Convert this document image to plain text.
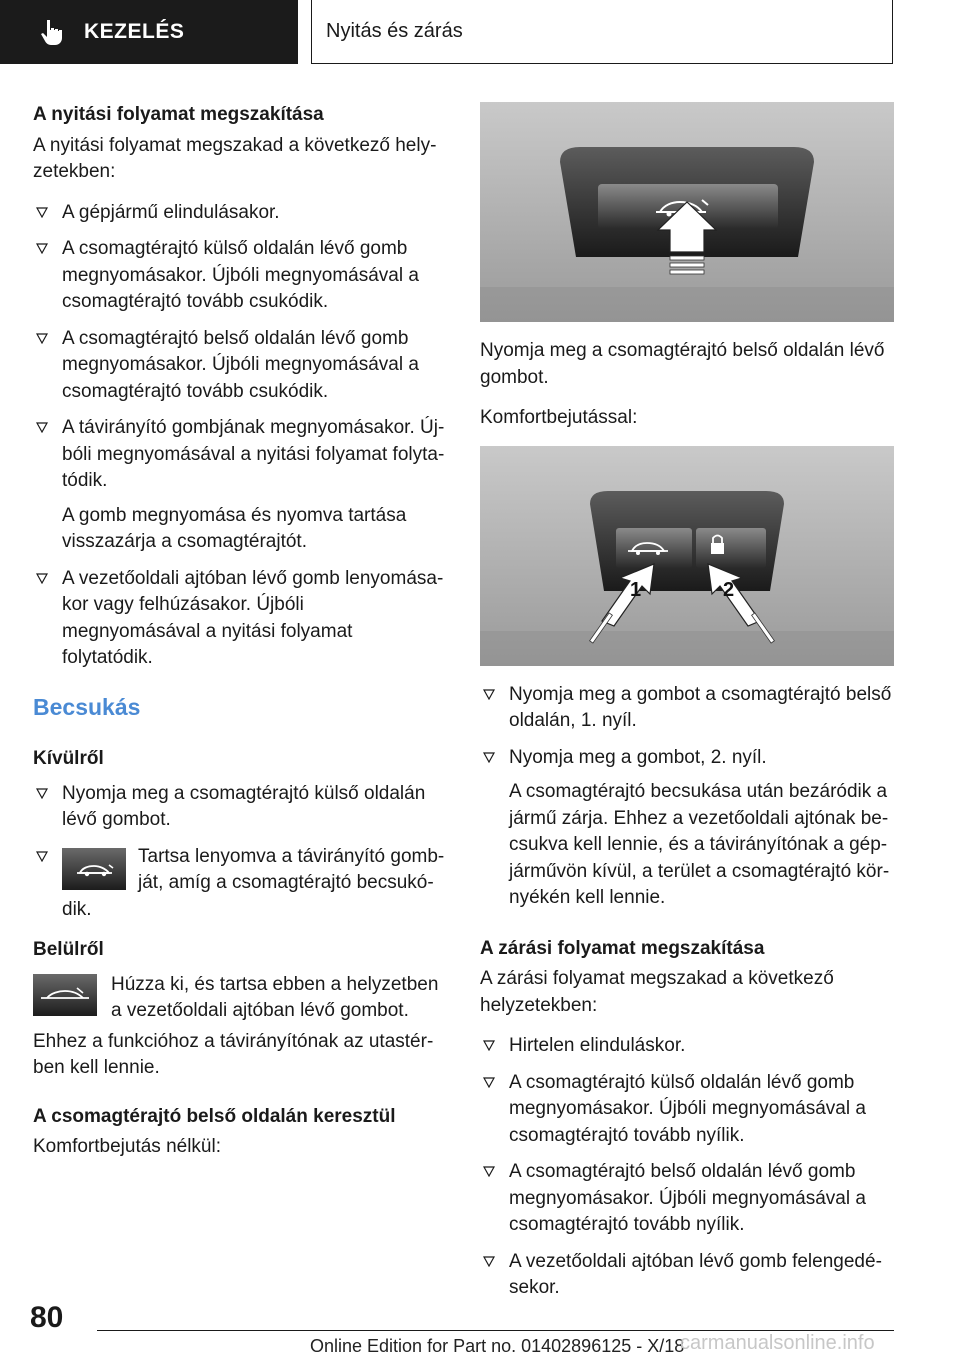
KEZELÉS	Nyitás és zárás
A nyitási folyamat megszakítása

A nyitási folyamat megszakad a következő helyzetekben:

A gépjármű elindulásakor.
A csomagtérajtó külső oldalán lévő gomb megnyomásakor. Újbóli megnyomásával a csomagtérajtó tovább csukódik.
A csomagtérajtó belső oldalán lévő gomb megnyomásakor. Újbóli megnyomásával a csomagtérajtó tovább csukódik.
A távirányító gombjának megnyomásakor. Újbóli megnyomásával a nyitási folyamat folytatódik.
A gomb megnyomása és nyomva tartása visszazárja a csomagtérajtót.
A vezetőoldali ajtóban lévő gomb lenyomásakor vagy felhúzásakor. Újbóli megnyomásával a nyitási folyamat folytatódik.
Becsukás
Kívülről
Nyomja meg a csomagtérajtó külső oldalán lévő gombot.
Tartsa lenyomva a távirányító gombját, amíg a csomagtérajtó becsukódik.
Belülről
Húzza ki, és tartsa ebben a helyzetben a vezetőoldali ajtóban lévő gombot.

Ehhez a funkcióhoz a távirányítónak az utastérben kell lennie.

A csomagtérajtó belső oldalán keresztül

Komfortbejutás nélkül:

Nyomja meg a csomagtérajtó belső oldalán lévő gombot.

Komfortbejutással:

1	2
Nyomja meg a gombot a csomagtérajtó belső oldalán, 1. nyíl.
Nyomja meg a gombot, 2. nyíl.
A csomagtérajtó becsukása után bezáródik a jármű zárja. Ehhez a vezetőoldali ajtónak becsukva kell lennie, és a távirányítónak a gépjárművön kívül, a terület a csomagtérajtó környékén kell lennie.
A zárási folyamat megszakítása

A zárási folyamat megszakad a következő helyzetekben:

Hirtelen elinduláskor.
A csomagtérajtó külső oldalán lévő gomb megnyomásakor. Újbóli megnyomásával a csomagtérajtó tovább nyílik.
A csomagtérajtó belső oldalán lévő gomb megnyomásakor. Újbóli megnyomásával a csomagtérajtó tovább nyílik.
A vezetőoldali ajtóban lévő gomb felengedésekor.
80
Online Edition for Part no. 01402896125 - X/18
carmanualsonline.info
